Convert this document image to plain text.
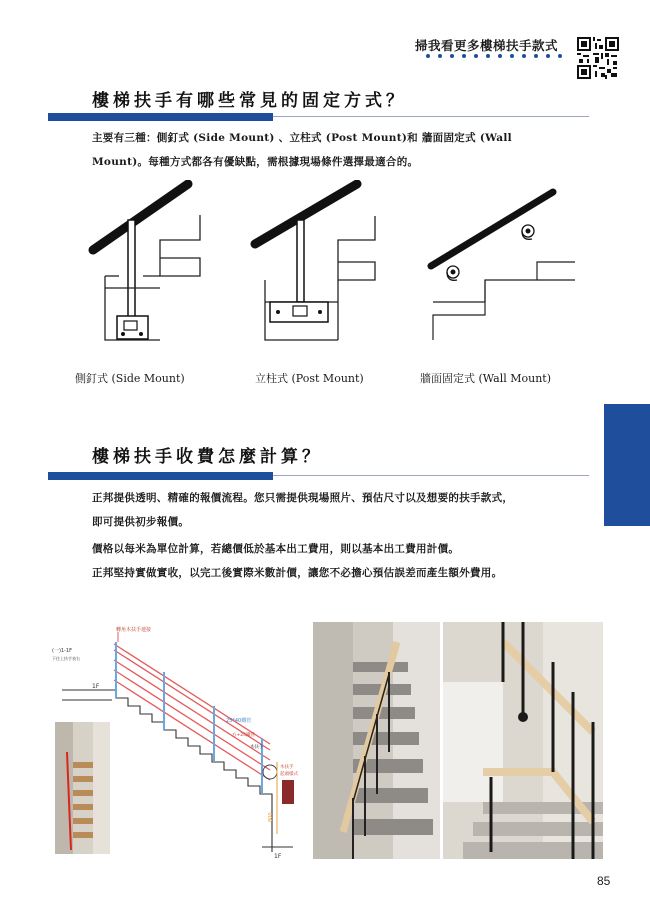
掃我看更多樓梯扶手款式
樓梯扶手有哪些常見的固定方式？
主要有三種：側釘式 (Side Mount) 、立柱式 (Post Mount)和 牆面固定式 (Wall
Mount)。每種方式都各有優缺點，需根據現場條件選擇最適合的。
側釘式 (Side Mount)	立柱式 (Post Mount)	牆面固定式 (Wall Mount)
樓梯扶手收費怎麼計算？
正邦提供透明、精確的報價流程。您只需提供現場照片、預估尺寸以及想要的扶手款式，
即可提供初步報價。
價格以每米為單位計算，若總價低於基本出工費用，則以基本出工費用計價。
正邦堅持實做實收，以完工後實際米數計價，讓您不必擔心預估誤差而產生額外費用。
轉角木扶手連接
(一)1-1F
下往上扶手表右
1F
25*40鐵管
方+24鐵管
木扶手
木扶手
起頭樣式
800
1F
85
